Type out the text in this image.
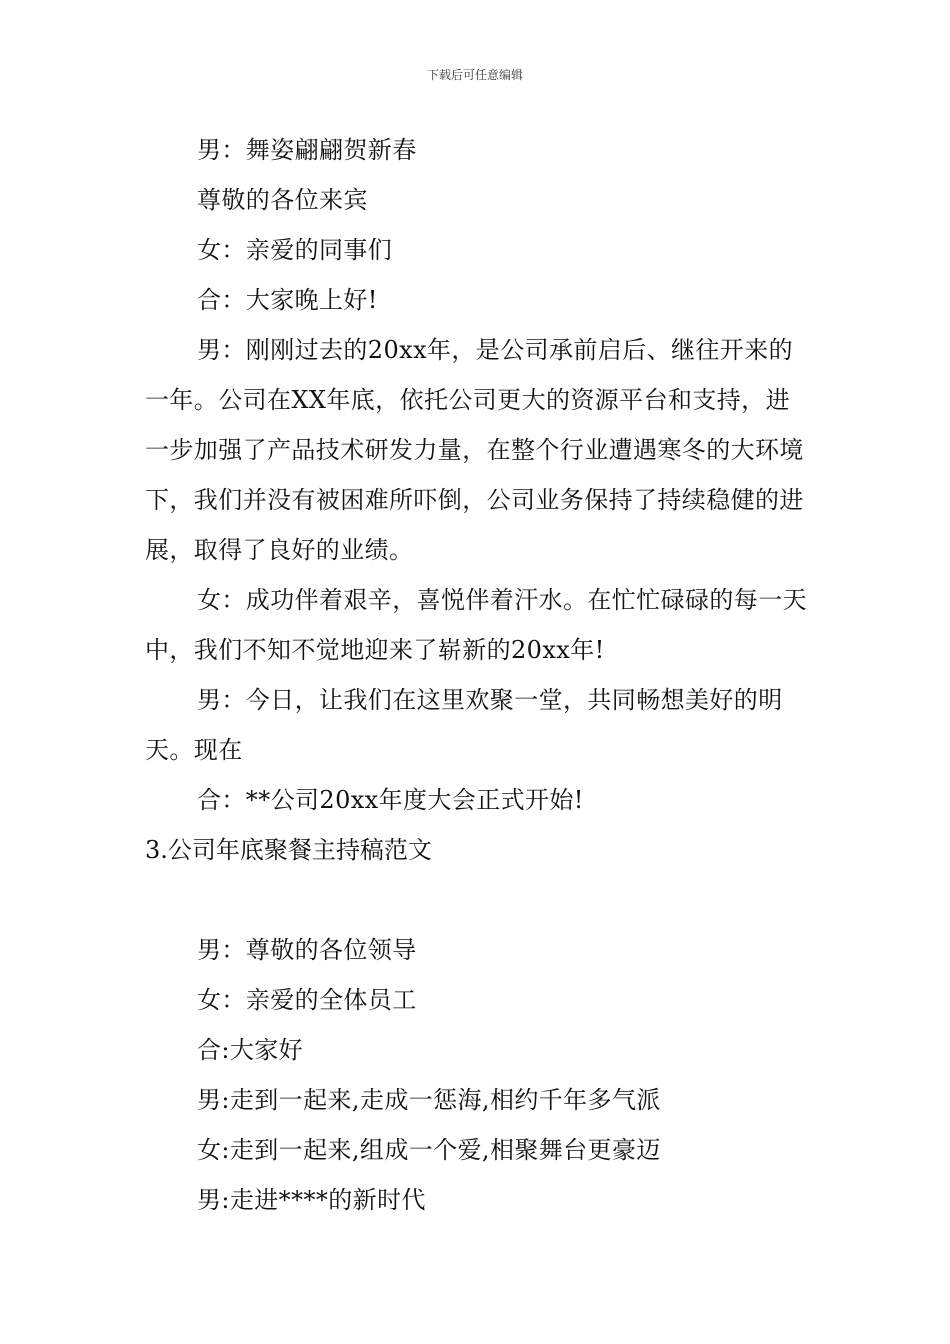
下载后可任意编辑

男：舞姿翩翩贺新春

尊敬的各位来宾

女：亲爱的同事们

合：大家晚上好!

男：刚刚过去的20xx年，是公司承前启后、继往开来的一年。公司在XX年底，依托公司更大的资源平台和支持，进一步加强了产品技术研发力量，在整个行业遭遇寒冬的大环境下，我们并没有被困难所吓倒，公司业务保持了持续稳健的进展，取得了良好的业绩。

女：成功伴着艰辛，喜悦伴着汗水。在忙忙碌碌的每一天中，我们不知不觉地迎来了崭新的20xx年!

男：今日，让我们在这里欢聚一堂，共同畅想美好的明天。现在

合：**公司20xx年度大会正式开始!

3.公司年底聚餐主持稿范文

男：尊敬的各位领导

女：亲爱的全体员工

合:大家好

男:走到一起来,走成一惩海,相约千年多气派

女:走到一起来,组成一个爱,相聚舞台更豪迈

男:走进****的新时代
